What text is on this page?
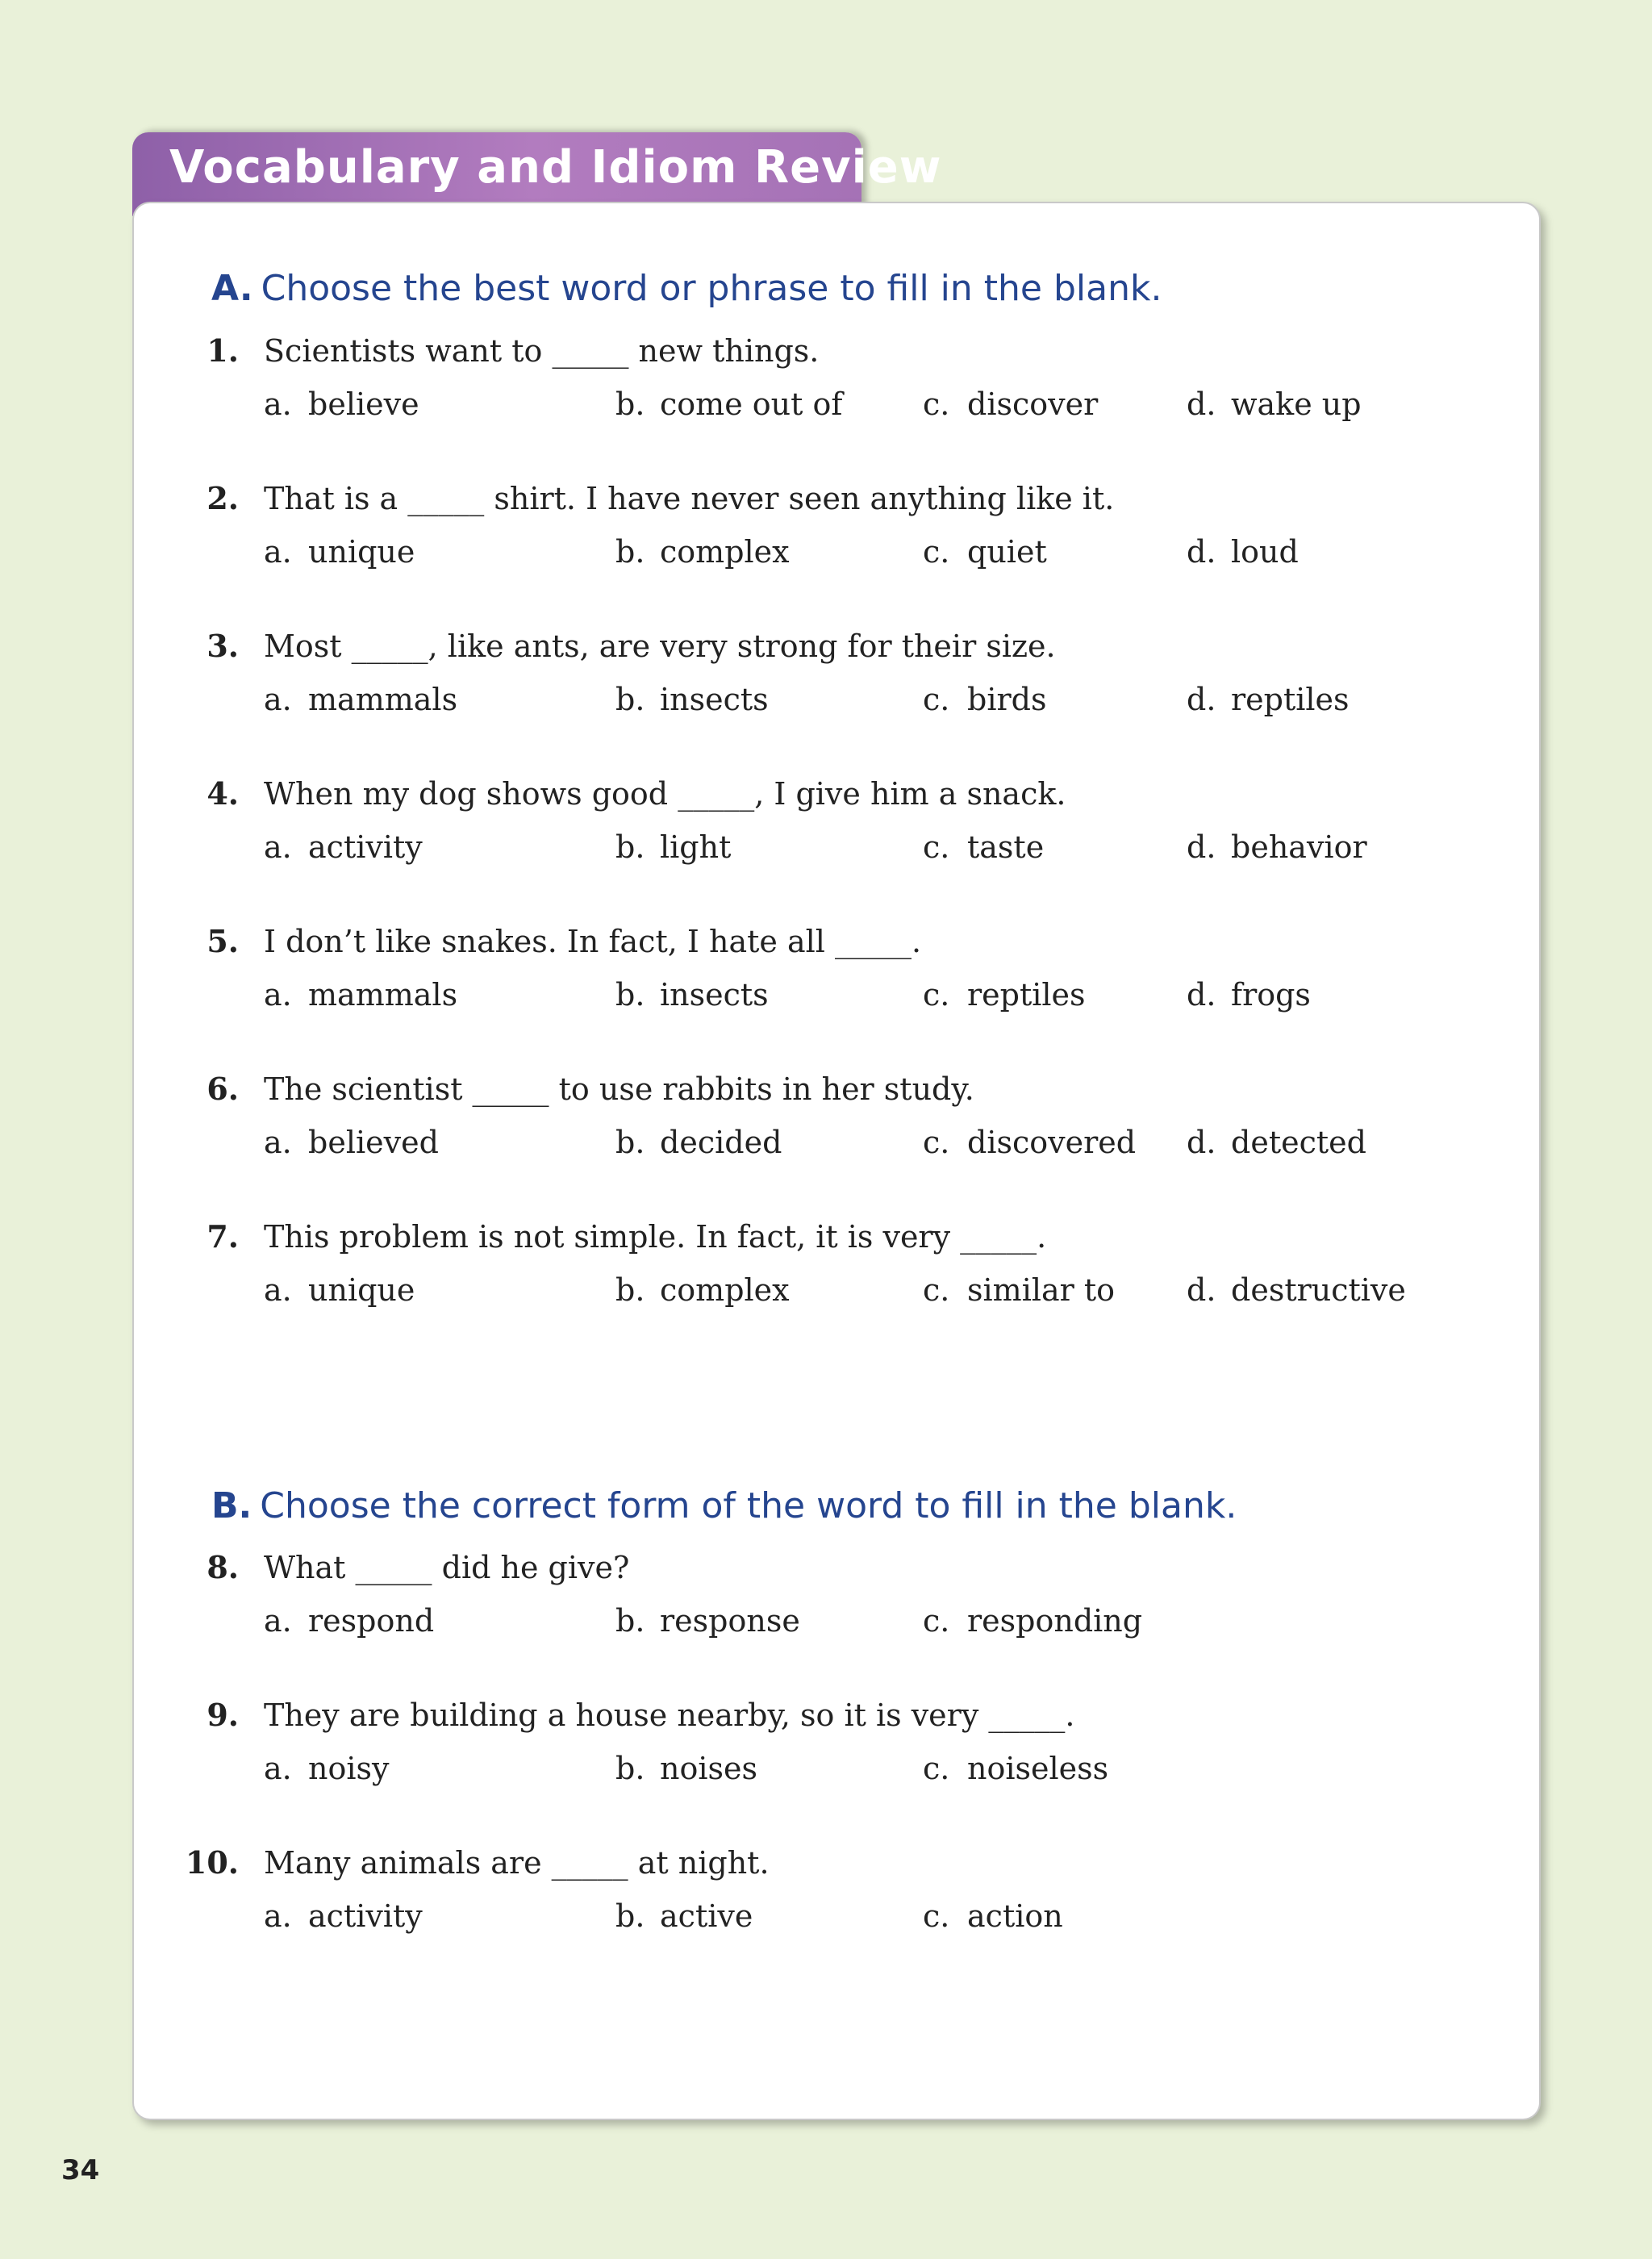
Vocabulary and Idiom Review
A. Choose the best word or phrase to fill in the blank.
B. Choose the correct form of the word to fill in the blank.
1. Scientists want to _____ new things.
a. believe	b. come out of	c. discover	d. wake up
2. That is a _____ shirt. I have never seen anything like it.
a. unique	b. complex	c. quiet	d. loud
3. Most _____, like ants, are very strong for their size.
a. mammals	b. insects	c. birds	d. reptiles
4. When my dog shows good _____, I give him a snack.
a. activity	b. light	c. taste	d. behavior
5. I don’t like snakes. In fact, I hate all _____.
a. mammals	b. insects	c. reptiles	d. frogs
6. The scientist _____ to use rabbits in her study.
a. believed	b. decided	c. discovered d. detected
7. This problem is not simple. In fact, it is very _____.
a. unique	b. complex	c. similar to d. destructive
8. What _____ did he give?
a. respond	b. response	c. responding
9. They are building a house nearby, so it is very _____.
a. noisy	b. noises	c. noiseless
10. Many animals are _____ at night.
a. activity	b. active	c. action
34
